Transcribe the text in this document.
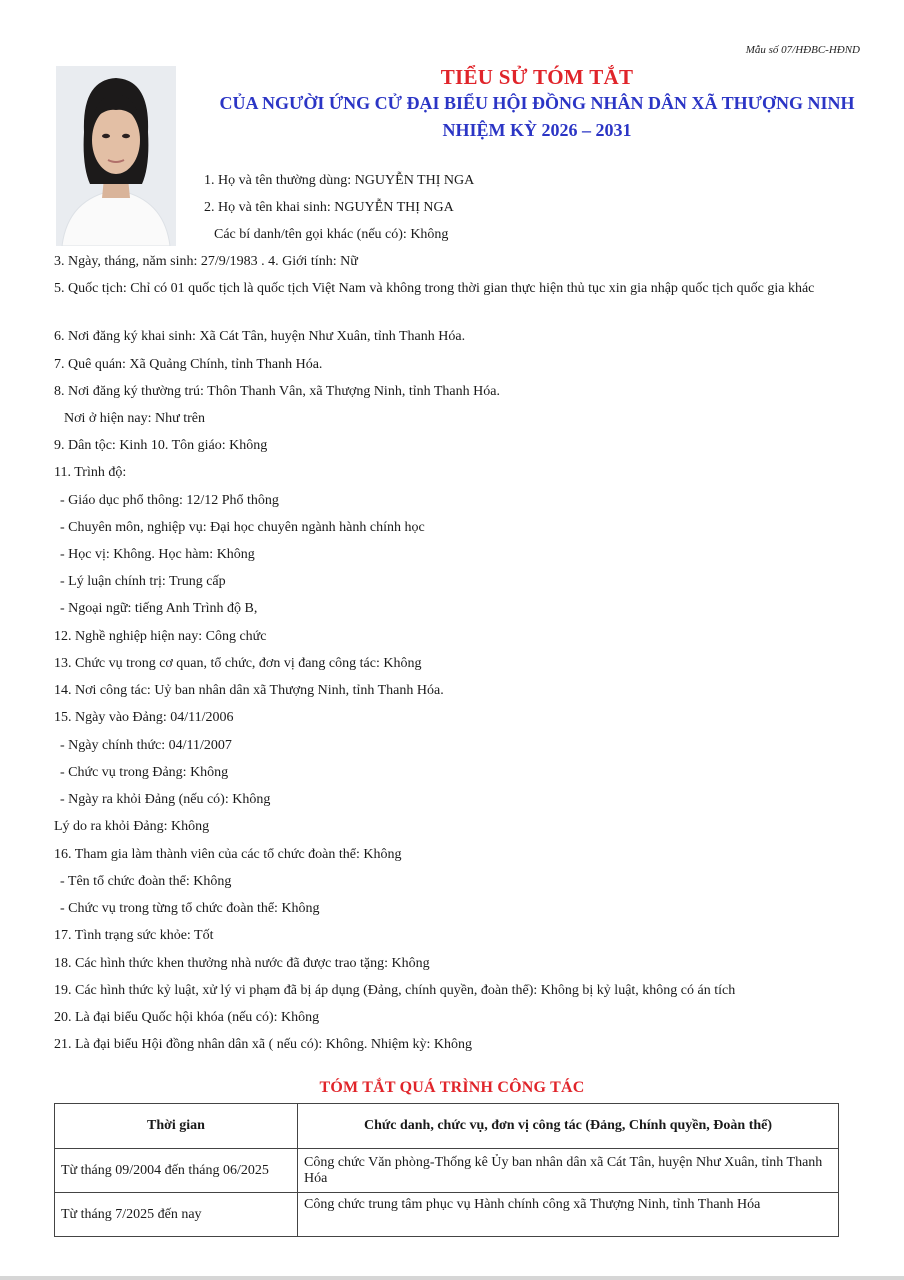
Mẫu số 07/HĐBC-HĐND
TIỂU SỬ TÓM TẮT
CỦA NGƯỜI ỨNG CỬ ĐẠI BIỂU HỘI ĐỒNG NHÂN DÂN XÃ THƯỢNG NINH
NHIỆM KỲ 2026 – 2031
1. Họ và tên thường dùng: NGUYỄN THỊ NGA
2. Họ và tên khai sinh: NGUYỄN THỊ NGA
Các bí danh/tên gọi khác (nếu có): Không
3. Ngày, tháng, năm sinh: 27/9/1983 . 4. Giới tính: Nữ
5. Quốc tịch: Chỉ có 01 quốc tịch là quốc tịch Việt Nam và không trong thời gian thực hiện thủ tục xin gia nhập quốc tịch quốc gia khác
6. Nơi đăng ký khai sinh: Xã Cát Tân, huyện Như Xuân, tỉnh Thanh Hóa.
7. Quê quán: Xã Quảng Chính, tỉnh Thanh Hóa.
8. Nơi đăng ký thường trú: Thôn Thanh Vân, xã Thượng Ninh, tỉnh Thanh Hóa.
Nơi ở hiện nay: Như trên
9. Dân tộc: Kinh 10. Tôn giáo: Không
11. Trình độ:
- Giáo dục phổ thông: 12/12 Phổ thông
- Chuyên môn, nghiệp vụ: Đại học chuyên ngành hành chính học
- Học vị: Không. Học hàm: Không
- Lý luận chính trị: Trung cấp
- Ngoại ngữ: tiếng Anh Trình độ B,
12. Nghề nghiệp hiện nay: Công chức
13. Chức vụ trong cơ quan, tổ chức, đơn vị đang công tác: Không
14. Nơi công tác: Uỷ ban nhân dân xã Thượng Ninh, tỉnh Thanh Hóa.
15. Ngày vào Đảng: 04/11/2006
- Ngày chính thức: 04/11/2007
- Chức vụ trong Đảng: Không
- Ngày ra khỏi Đảng (nếu có): Không
Lý do ra khỏi Đảng: Không
16. Tham gia làm thành viên của các tổ chức đoàn thể: Không
- Tên tổ chức đoàn thể: Không
- Chức vụ trong từng tổ chức đoàn thể: Không
17. Tình trạng sức khỏe: Tốt
18. Các hình thức khen thưởng nhà nước đã được trao tặng: Không
19. Các hình thức kỷ luật, xử lý vi phạm đã bị áp dụng (Đảng, chính quyền, đoàn thể): Không bị kỷ luật, không có án tích
20. Là đại biểu Quốc hội khóa (nếu có): Không
21. Là đại biểu Hội đồng nhân dân xã ( nếu có): Không. Nhiệm kỳ: Không
TÓM TẮT QUÁ TRÌNH CÔNG TÁC
Thời gian	Chức danh, chức vụ, đơn vị công tác (Đảng, Chính quyền, Đoàn thể)
Từ tháng 09/2004 đến tháng 06/2025	Công chức Văn phòng-Thống kê Ủy ban nhân dân xã Cát Tân, huyện Như Xuân, tỉnh Thanh Hóa
Từ tháng 7/2025 đến nay	Công chức trung tâm phục vụ Hành chính công xã Thượng Ninh, tỉnh Thanh Hóa
